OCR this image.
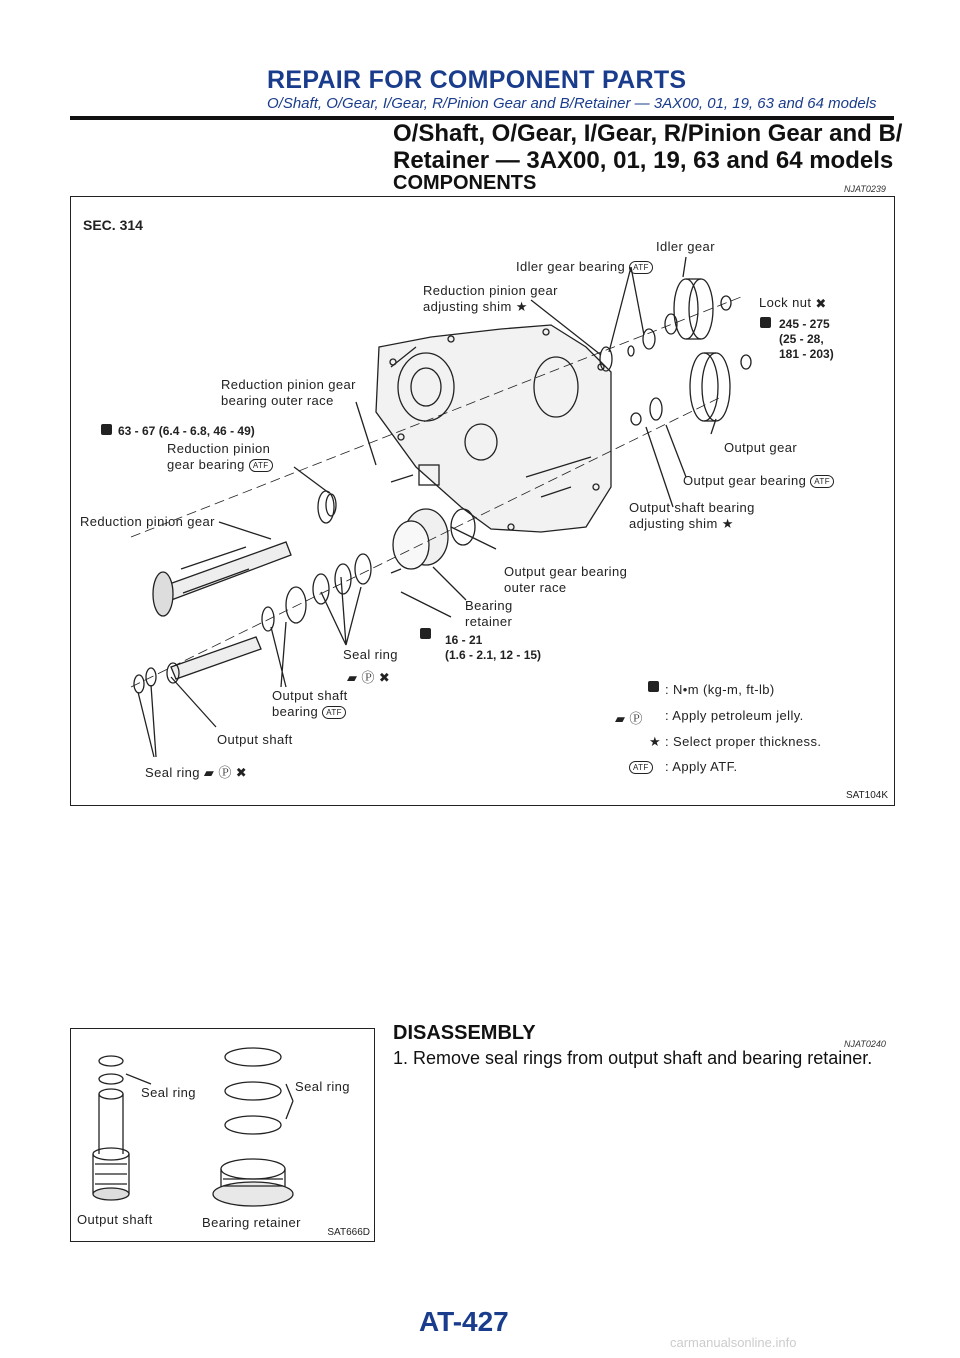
REPAIR FOR COMPONENT PARTS
O/Shaft, O/Gear, I/Gear, R/Pinion Gear and B/Retainer — 3AX00, 01, 19, 63 and 64 models
O/Shaft, O/Gear, I/Gear, R/Pinion Gear and B/
Retainer — 3AX00, 01, 19, 63 and 64 models
COMPONENTS	NJAT0239
SEC. 314
Idler gear
Idler gear bearing ATF
Reduction pinion gear
adjusting shim ★	Lock nut ✖
245 - 275
(25 - 28,
181 - 203)
Reduction pinion gear
bearing outer race
63 - 67 (6.4 - 6.8, 46 - 49)
Reduction pinion
gear bearing ATF
Output gear
Output gear bearing ATF
Reduction pinion gear
Output shaft bearing
adjusting shim ★
Output gear bearing
outer race
Bearing
retainer
16 - 21
(1.6 - 2.1, 12 - 15)
Seal ring
▰ Ⓟ ✖
Output shaft
bearing ATF
Output shaft
Seal ring ▰ Ⓟ ✖
: N•m (kg-m, ft-lb)
▰ Ⓟ : Apply petroleum jelly.
★ : Select proper thickness.
ATF	: Apply ATF.
SAT104K
Seal ring	Seal ring
Output shaft	Bearing retainer
SAT666D
DISASSEMBLY	NJAT0240
1. Remove seal rings from output shaft and bearing retainer.
AT-427
carmanualsonline.info
